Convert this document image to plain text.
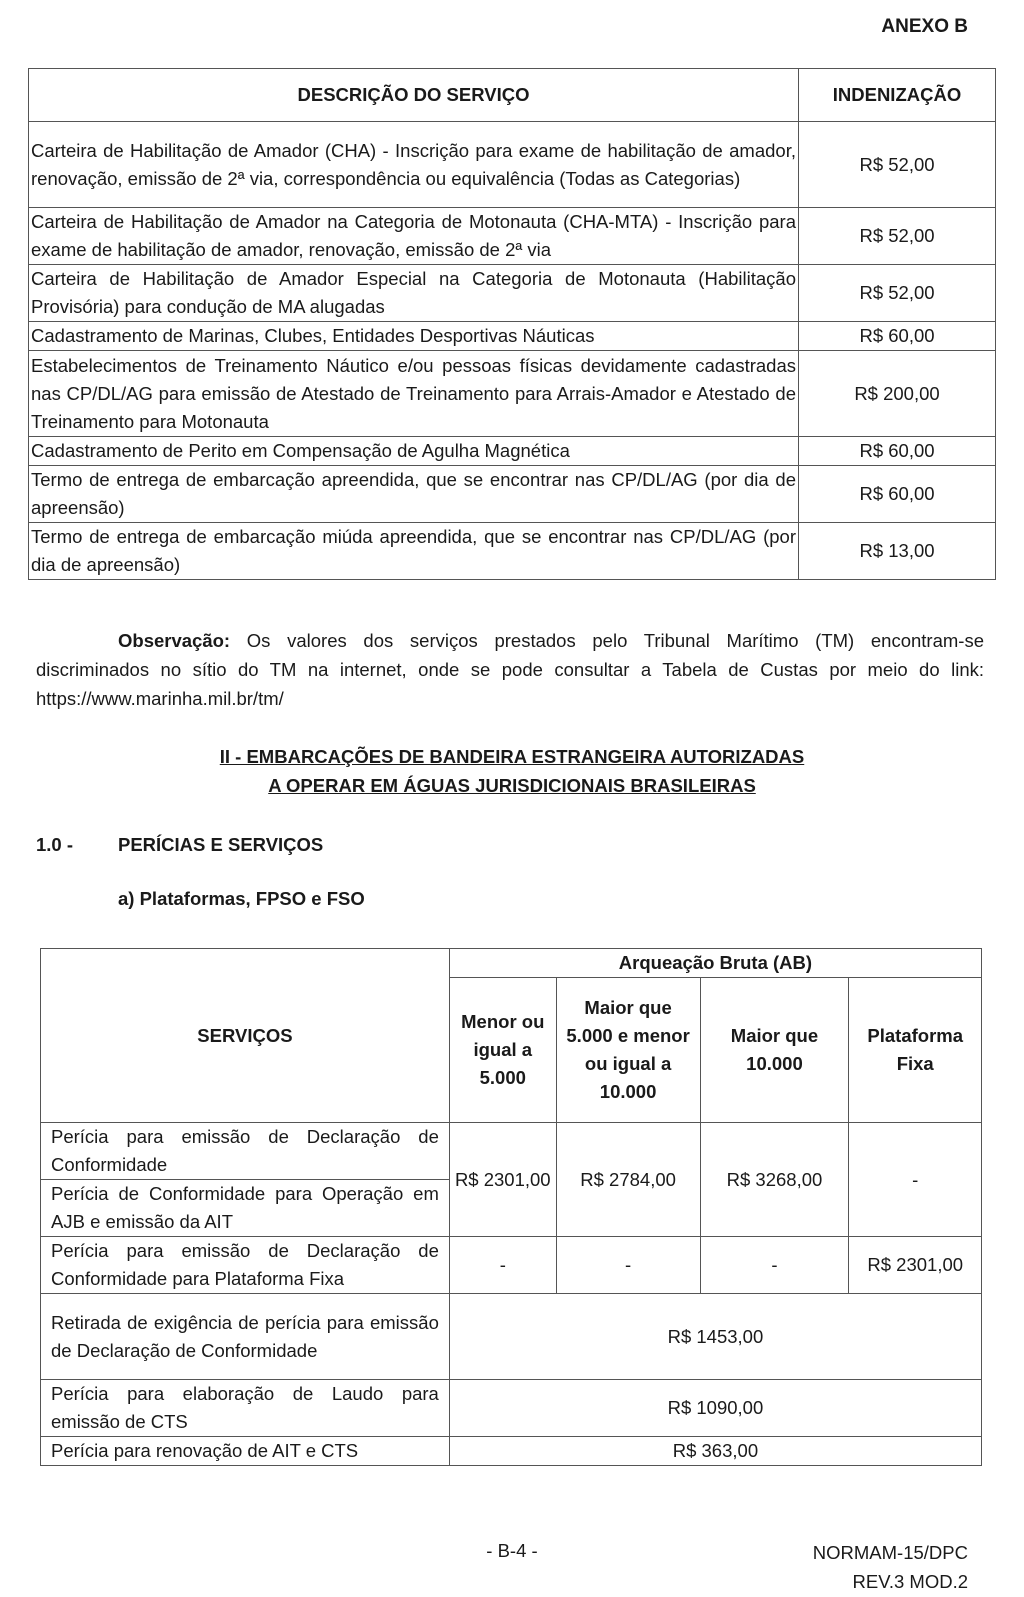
ANEXO B
DESCRIÇÃO DO SERVIÇO	INDENIZAÇÃO
Carteira de Habilitação de Amador (CHA) - Inscrição para exame de habilitação de amador, renovação, emissão de 2ª via, correspondência ou equivalência (Todas as Categorias)	R$ 52,00
Carteira de Habilitação de Amador na Categoria de Motonauta (CHA-MTA) - Inscrição para exame de habilitação de amador, renovação, emissão de 2ª via	R$ 52,00
Carteira de Habilitação de Amador Especial na Categoria de Motonauta (Habilitação Provisória) para condução de MA alugadas	R$ 52,00
Cadastramento de Marinas, Clubes, Entidades Desportivas Náuticas	R$ 60,00
Estabelecimentos de Treinamento Náutico e/ou pessoas físicas devidamente cadastradas nas CP/DL/AG para emissão de Atestado de Treinamento para Arrais-Amador e Atestado de Treinamento para Motonauta	R$ 200,00
Cadastramento de Perito em Compensação de Agulha Magnética	R$ 60,00
Termo de entrega de embarcação apreendida, que se encontrar nas CP/DL/AG (por dia de apreensão)	R$ 60,00
Termo de entrega de embarcação miúda apreendida, que se encontrar nas CP/DL/AG (por dia de apreensão)	R$ 13,00
Observação: Os valores dos serviços prestados pelo Tribunal Marítimo (TM) encontram-se discriminados no sítio do TM na internet, onde se pode consultar a Tabela de Custas por meio do link: https://www.marinha.mil.br/tm/
II - EMBARCAÇÕES DE BANDEIRA ESTRANGEIRA AUTORIZADAS
A OPERAR EM ÁGUAS JURISDICIONAIS BRASILEIRAS
1.0 - PERÍCIAS E SERVIÇOS
a) Plataformas, FPSO e FSO
SERVIÇOS	Arqueação Bruta (AB)			
	Menor ou igual a 5.000	Maior que 5.000 e menor ou igual a 10.000	Maior que 10.000	Plataforma Fixa
Perícia para emissão de Declaração de Conformidade	R$ 2301,00	R$ 2784,00	R$ 3268,00	-
Perícia de Conformidade para Operação em AJB e emissão da AIT				
Perícia para emissão de Declaração de Conformidade para Plataforma Fixa	-	-	-	R$ 2301,00
Retirada de exigência de perícia para emissão de Declaração de Conformidade	R$ 1453,00			
Perícia para elaboração de Laudo para emissão de CTS	R$ 1090,00			
Perícia para renovação de AIT e CTS	R$ 363,00			
- B-4 -	NORMAM-15/DPC
REV.3 MOD.2
